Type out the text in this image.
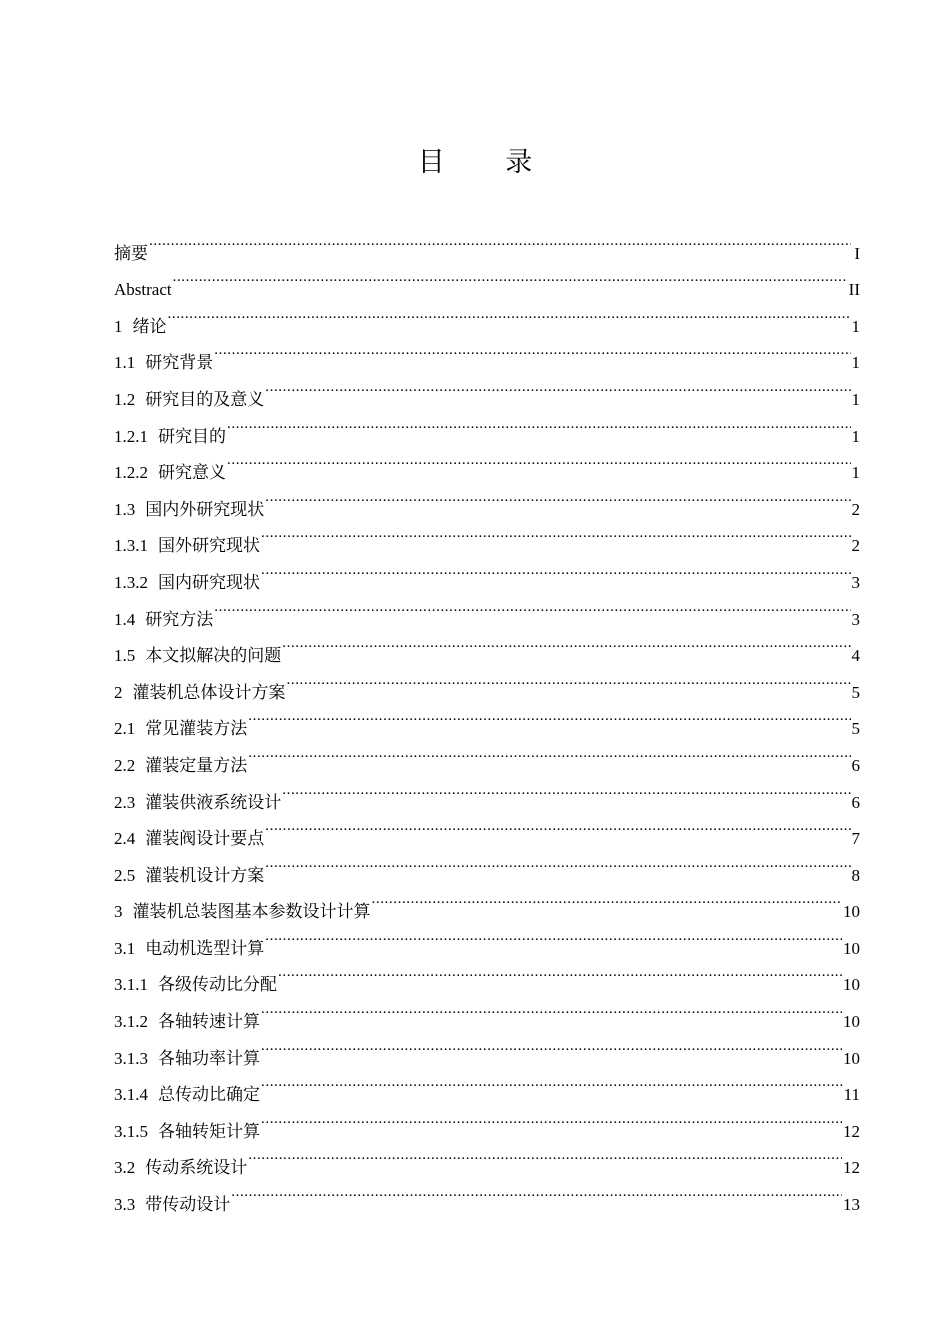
目 录
摘要 .....	I
Abstract .....	II
1 绪论 .....	1
1.1 研究背景 .....	1
1.2 研究目的及意义 .....	1
1.2.1 研究目的 .....	1
1.2.2 研究意义 .....	1
1.3 国内外研究现状 .....	2
1.3.1 国外研究现状 .....	2
1.3.2 国内研究现状 .....	3
1.4 研究方法 .....	3
1.5 本文拟解决的问题 .....	4
2 灌装机总体设计方案 .....	5
2.1 常见灌装方法 .....	5
2.2 灌装定量方法 .....	6
2.3 灌装供液系统设计 .....	6
2.4 灌装阀设计要点 .....	7
2.5 灌装机设计方案 .....	8
3 灌装机总装图基本参数设计计算 .....	10
3.1 电动机选型计算 .....	10
3.1.1 各级传动比分配 .....	10
3.1.2 各轴转速计算 .....	10
3.1.3 各轴功率计算 .....	10
3.1.4 总传动比确定 .....	11
3.1.5 各轴转矩计算 .....	12
3.2 传动系统设计 .....	12
3.3 带传动设计 .....	13
